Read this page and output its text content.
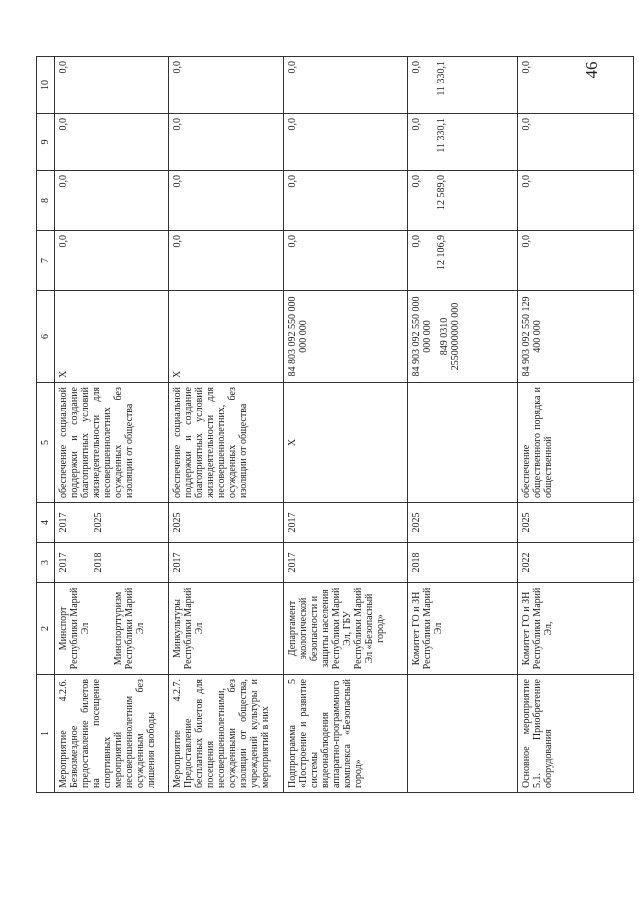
46
1	2	3	4	5	6	7	8	9	10
Мероприятие 4.2.6. Безвозмездное предоставление билетов на посещение спортивных мероприятий несовершеннолетним осужденным без лишения свободы	Минспорт Республики Марий Эл Минспорттуризм Республики Марий Эл	2017 2018	2017 2025	обеспечение социальной поддержки и создание благоприятных условий жизнедеятельности для несовершеннолетних осужденных без изоляции от общества	X	0,0	0,0	0,0	0,0
Мероприятие 4.2.7. Предоставление бесплатных билетов для посещения несовершеннолетними, осужденными без изоляции от общества, учреждений культуры и мероприятий в них	Минкультуры Республики Марий Эл	2017	2025	обеспечение социальной поддержки и создание благоприятных условий жизнедеятельности для несовершеннолетних, осужденных без изоляции от общества	X	0,0	0,0	0,0	0,0
Подпрограмма 5 «Построение и развитие системы видеонаблюдения аппаратно-программного комплекса «Безопасный город»	Департамент экологической безопасности и защиты населения Республики Марий Эл, ГБУ Республики Марий Эл «Безопасный город»	2017	2017	X	84 803 092 550 000 000 000	0,0	0,0	0,0	0,0
	Комитет ГО и ЗН Республики Марий Эл	2018	2025		84 903 092 550 000 000 000 849 0310 2550000000 000	0,0 12 106,9	0,0 12 589,0	0,0 11 330,1	0,0 11 330,1

Основное мероприятие 5.1. Приобретение оборудования	Комитет ГО и ЗН Республики Марий Эл,	2022	2025	обеспечение общественного порядка и общественной	84 903 092 550 129 400 000	0,0	0,0	0,0	0,0
